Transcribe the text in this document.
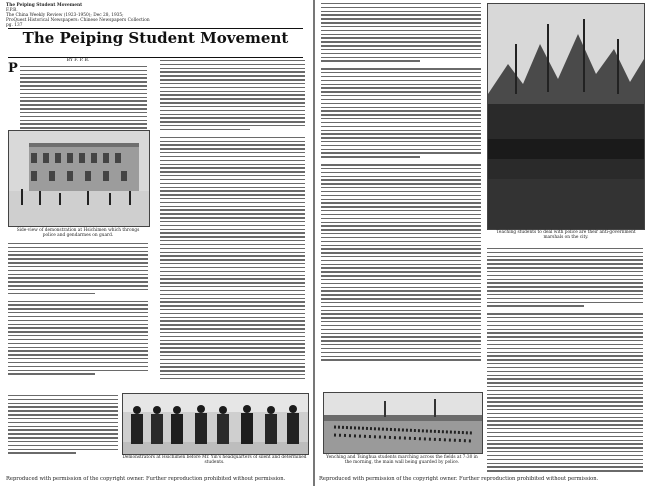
The Peiping Student Movement
F.P.B.
The China Weekly Review (1923-1950); Dec 28, 1935;
ProQuest Historical Newspapers: Chinese Newspapers Collection
pg. 137
The Peiping Student Movement
BY F. P. B.
P
Side-view of demonstration at Hsichimen which throngs police and gendarmes on guard.
Demonstrators at Hsichimen before Mr. Yin's headquarters of silent and determined students.
Reproduced with permission of the copyright owner. Further reproduction prohibited without permission.
Teaching students to deal with police are their anti-government marshals on the city.
Yenching and Tsinghua students marching across the fields at 7:30 in the morning, the main wall being guarded by police.
Reproduced with permission of the copyright owner. Further reproduction prohibited without permission.
